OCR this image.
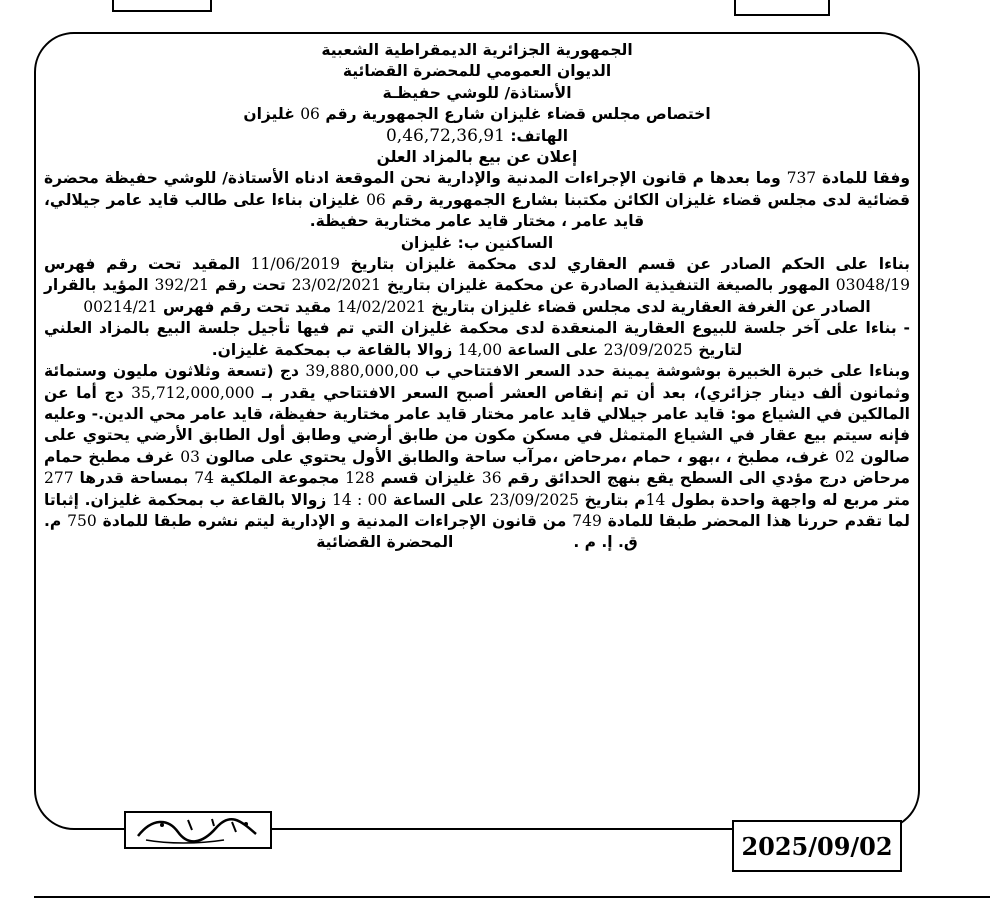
الجمهورية الجزائرية الديمقراطية الشعبية

الديوان العمومي للمحضرة القضائية

الأستاذة/ للوشي حفيظـة

اختصاص مجلس قضاء غليزان شارع الجمهورية رقم 06 غليزان

الهاتف: 0,46,72,36,91

إعلان عن بيع بالمزاد العلن

وفقا للمادة 737 وما بعدها م قانون الإجراءات المدنية والإدارية نحن الموقعة ادناه الأستاذة/ للوشي حفيظة محضرة قضائية لدى مجلس قضاء غليزان الكائن مكتبنا بشارع الجمهورية رقم 06 غليزان بناءا على طالب قايد عامر جيلالي، قايد عامر ، مختار قايد عامر مختارية حفيظة.

الساكنين ب: غليزان

بناءا على الحكم الصادر عن قسم العقاري لدى محكمة غليزان بتاريخ 11/06/2019 المقيد تحت رقم فهرس 03048/19 المهور بالصيغة التنفيذية الصادرة عن محكمة غليزان بتاريخ 23/02/2021 تحت رقم 392/21 المؤيد بالقرار الصادر عن الغرفة العقارية لدى مجلس قضاء غليزان بتاريخ 14/02/2021 مقيد تحت رقم فهرس 00214/21

- بناءا على آخر جلسة للبيوع العقارية المنعقدة لدى محكمة غليزان التي تم فيها تأجيل جلسة البيع بالمزاد العلني لتاريخ 23/09/2025 على الساعة 14,00 زوالا بالقاعة ب بمحكمة غليزان.

وبناءا على خبرة الخبيرة بوشوشة يمينة حدد السعر الافتتاحي ب 39,880,000,00 دج (تسعة وثلاثون مليون وستمائة وثمانون ألف دينار جزائري)، بعد أن تم إنقاص العشر أصبح السعر الافتتاحي يقدر بـ 35,712,000,000 دج أما عن المالكين في الشياع مو: قايد عامر جيلالي قايد عامر مختار قايد عامر مختارية حفيظة، قايد عامر محي الدين.- وعليه فإنه سيتم بيع عقار في الشياع المتمثل في مسكن مكون من طابق أرضي وطابق أول الطابق الأرضي يحتوي على صالون 02 غرف، مطبخ ، ،بهو ، حمام ،مرحاض ،مرآب ساحة والطابق الأول يحتوي على صالون 03 غرف مطبخ حمام مرحاض درج مؤدي الى السطح يقع بنهج الحدائق رقم 36 غليزان قسم 128 مجموعة الملكية 74 بمساحة قدرها 277 متر مربع له واجهة واحدة بطول 14م بتاريخ 23/09/2025 على الساعة 00 : 14 زوالا بالقاعة ب بمحكمة غليزان. إثباتا لما تقدم حررنا هذا المحضر طبقا للمادة 749 من قانون الإجراءات المدنية و الإدارية ليتم نشره طبقا للمادة 750 م. ق. إ. م .المحضرة القضائية

2025/09/02
